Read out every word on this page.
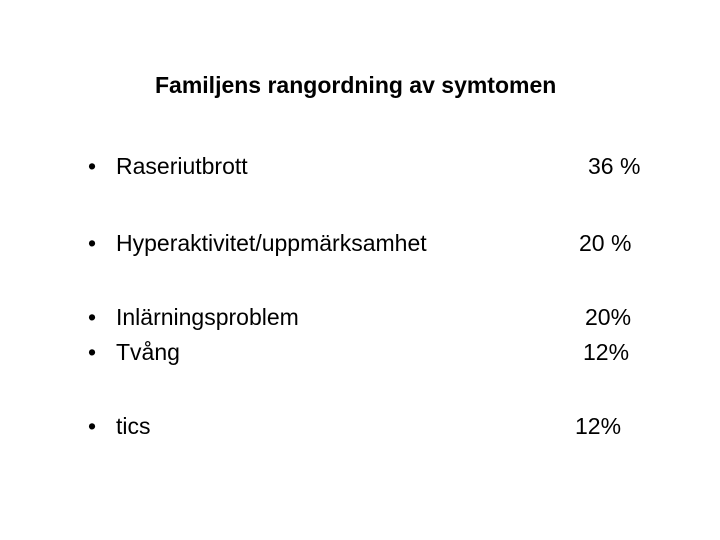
Familjens rangordning av symtomen
• Raseriutbrott	36 %
• Hyperaktivitet/uppmärksamhet	20 %
• Inlärningsproblem	20%
• Tvång	12%
• tics	12%
